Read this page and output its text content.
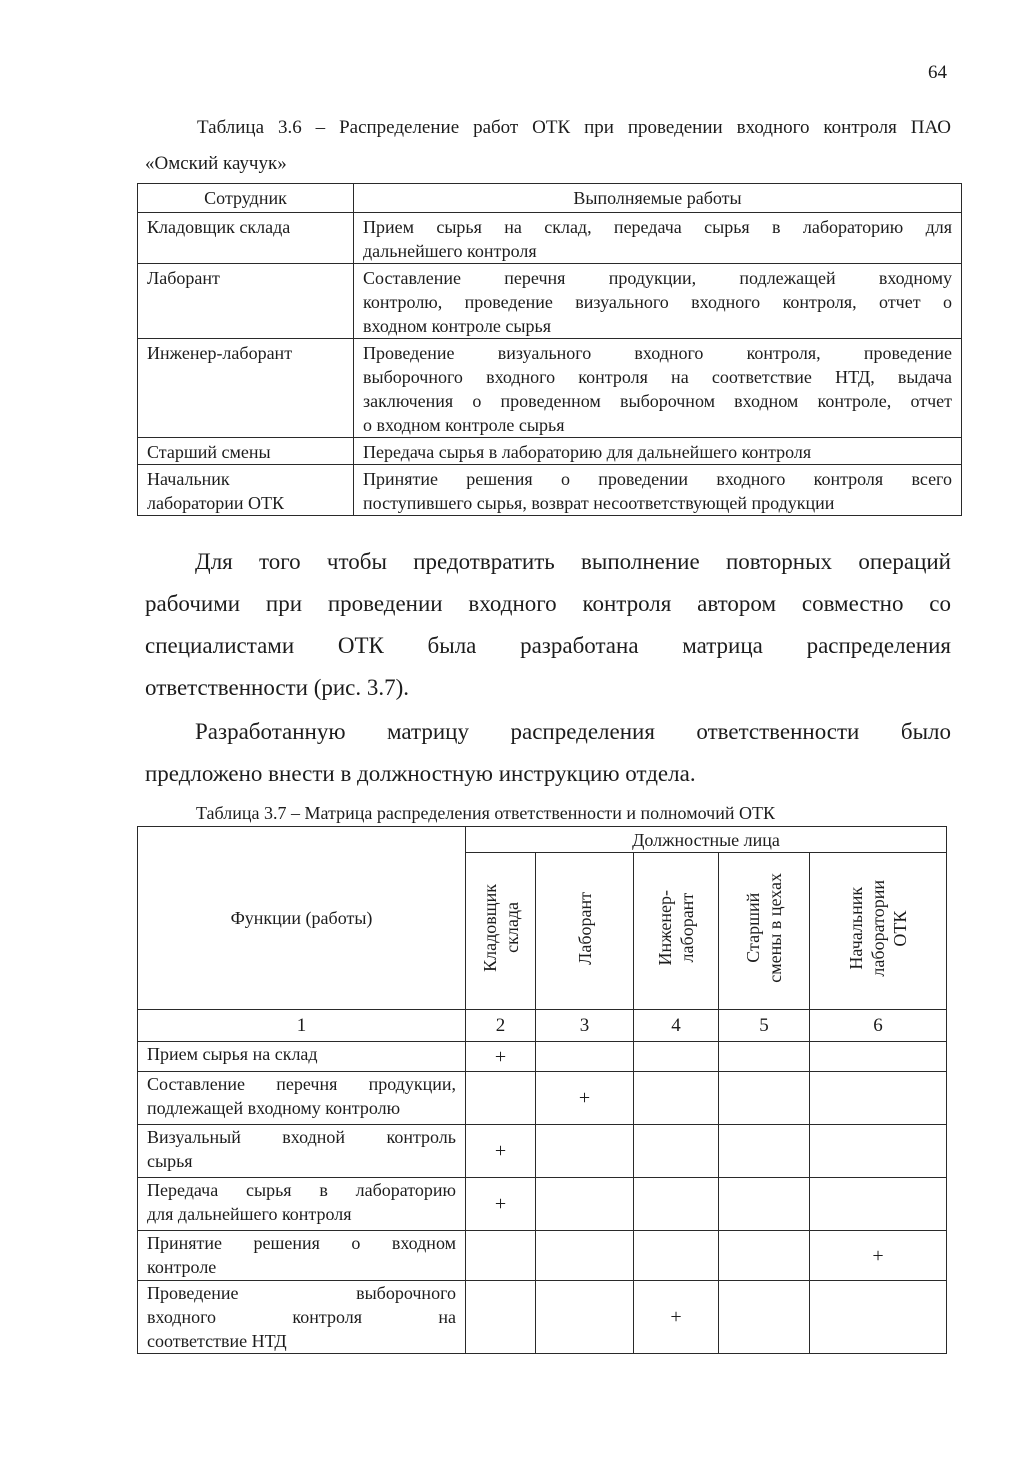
64
Таблица 3.6 – Распределение работ ОТК при проведении входного контроля ПАО
«Омский каучук»
Сотрудник	Выполняемые работы
Кладовщик склада	Прием сырья на склад, передача сырья в лабораторию для
дальнейшего контроля

Лаборант	Составление перечня продукции, подлежащей входному
контролю, проведение визуального входного контроля, отчет о
входном контроле сырья

Инженер-лаборант	Проведение визуального входного контроля, проведение
выборочного входного контроля на соответствие НТД, выдача
заключения о проведенном выборочном входном контроле, отчет
о входном контроле сырья

Старший смены	Передача сырья в лабораторию для дальнейшего контроля

Начальник
лаборатории ОТК	Принятие решения о проведении входного контроля всего
поступившего сырья, возврат несоответствующей продукции
Для того чтобы предотвратить выполнение повторных операций
рабочими при проведении входного контроля автором совместно со
специалистами ОТК была разработана матрица распределения
ответственности (рис. 3.7).
Разработанную матрицу распределения ответственности было
предложено внести в должностную инструкцию отдела.
Таблица 3.7 – Матрица распределения ответственности и полномочий ОТК
Функции (работы)	Должностные лица				

	Кладовщик склада	Лаборант	Инженер- лаборант	Старший смены в цехах	Начальник лаборатории ОТК

1	2	3	4	5	6

Прием сырья на склад	+				

Составление перечня продукции,
подлежащей входному контролю		+			

Визуальный входной контроль
сырья	+				

Передача сырья в лабораторию
для дальнейшего контроля	+				

Принятие решения о входном
контроле					+

Проведение выборочного
входного контроля на
соответствие НТД			+		
